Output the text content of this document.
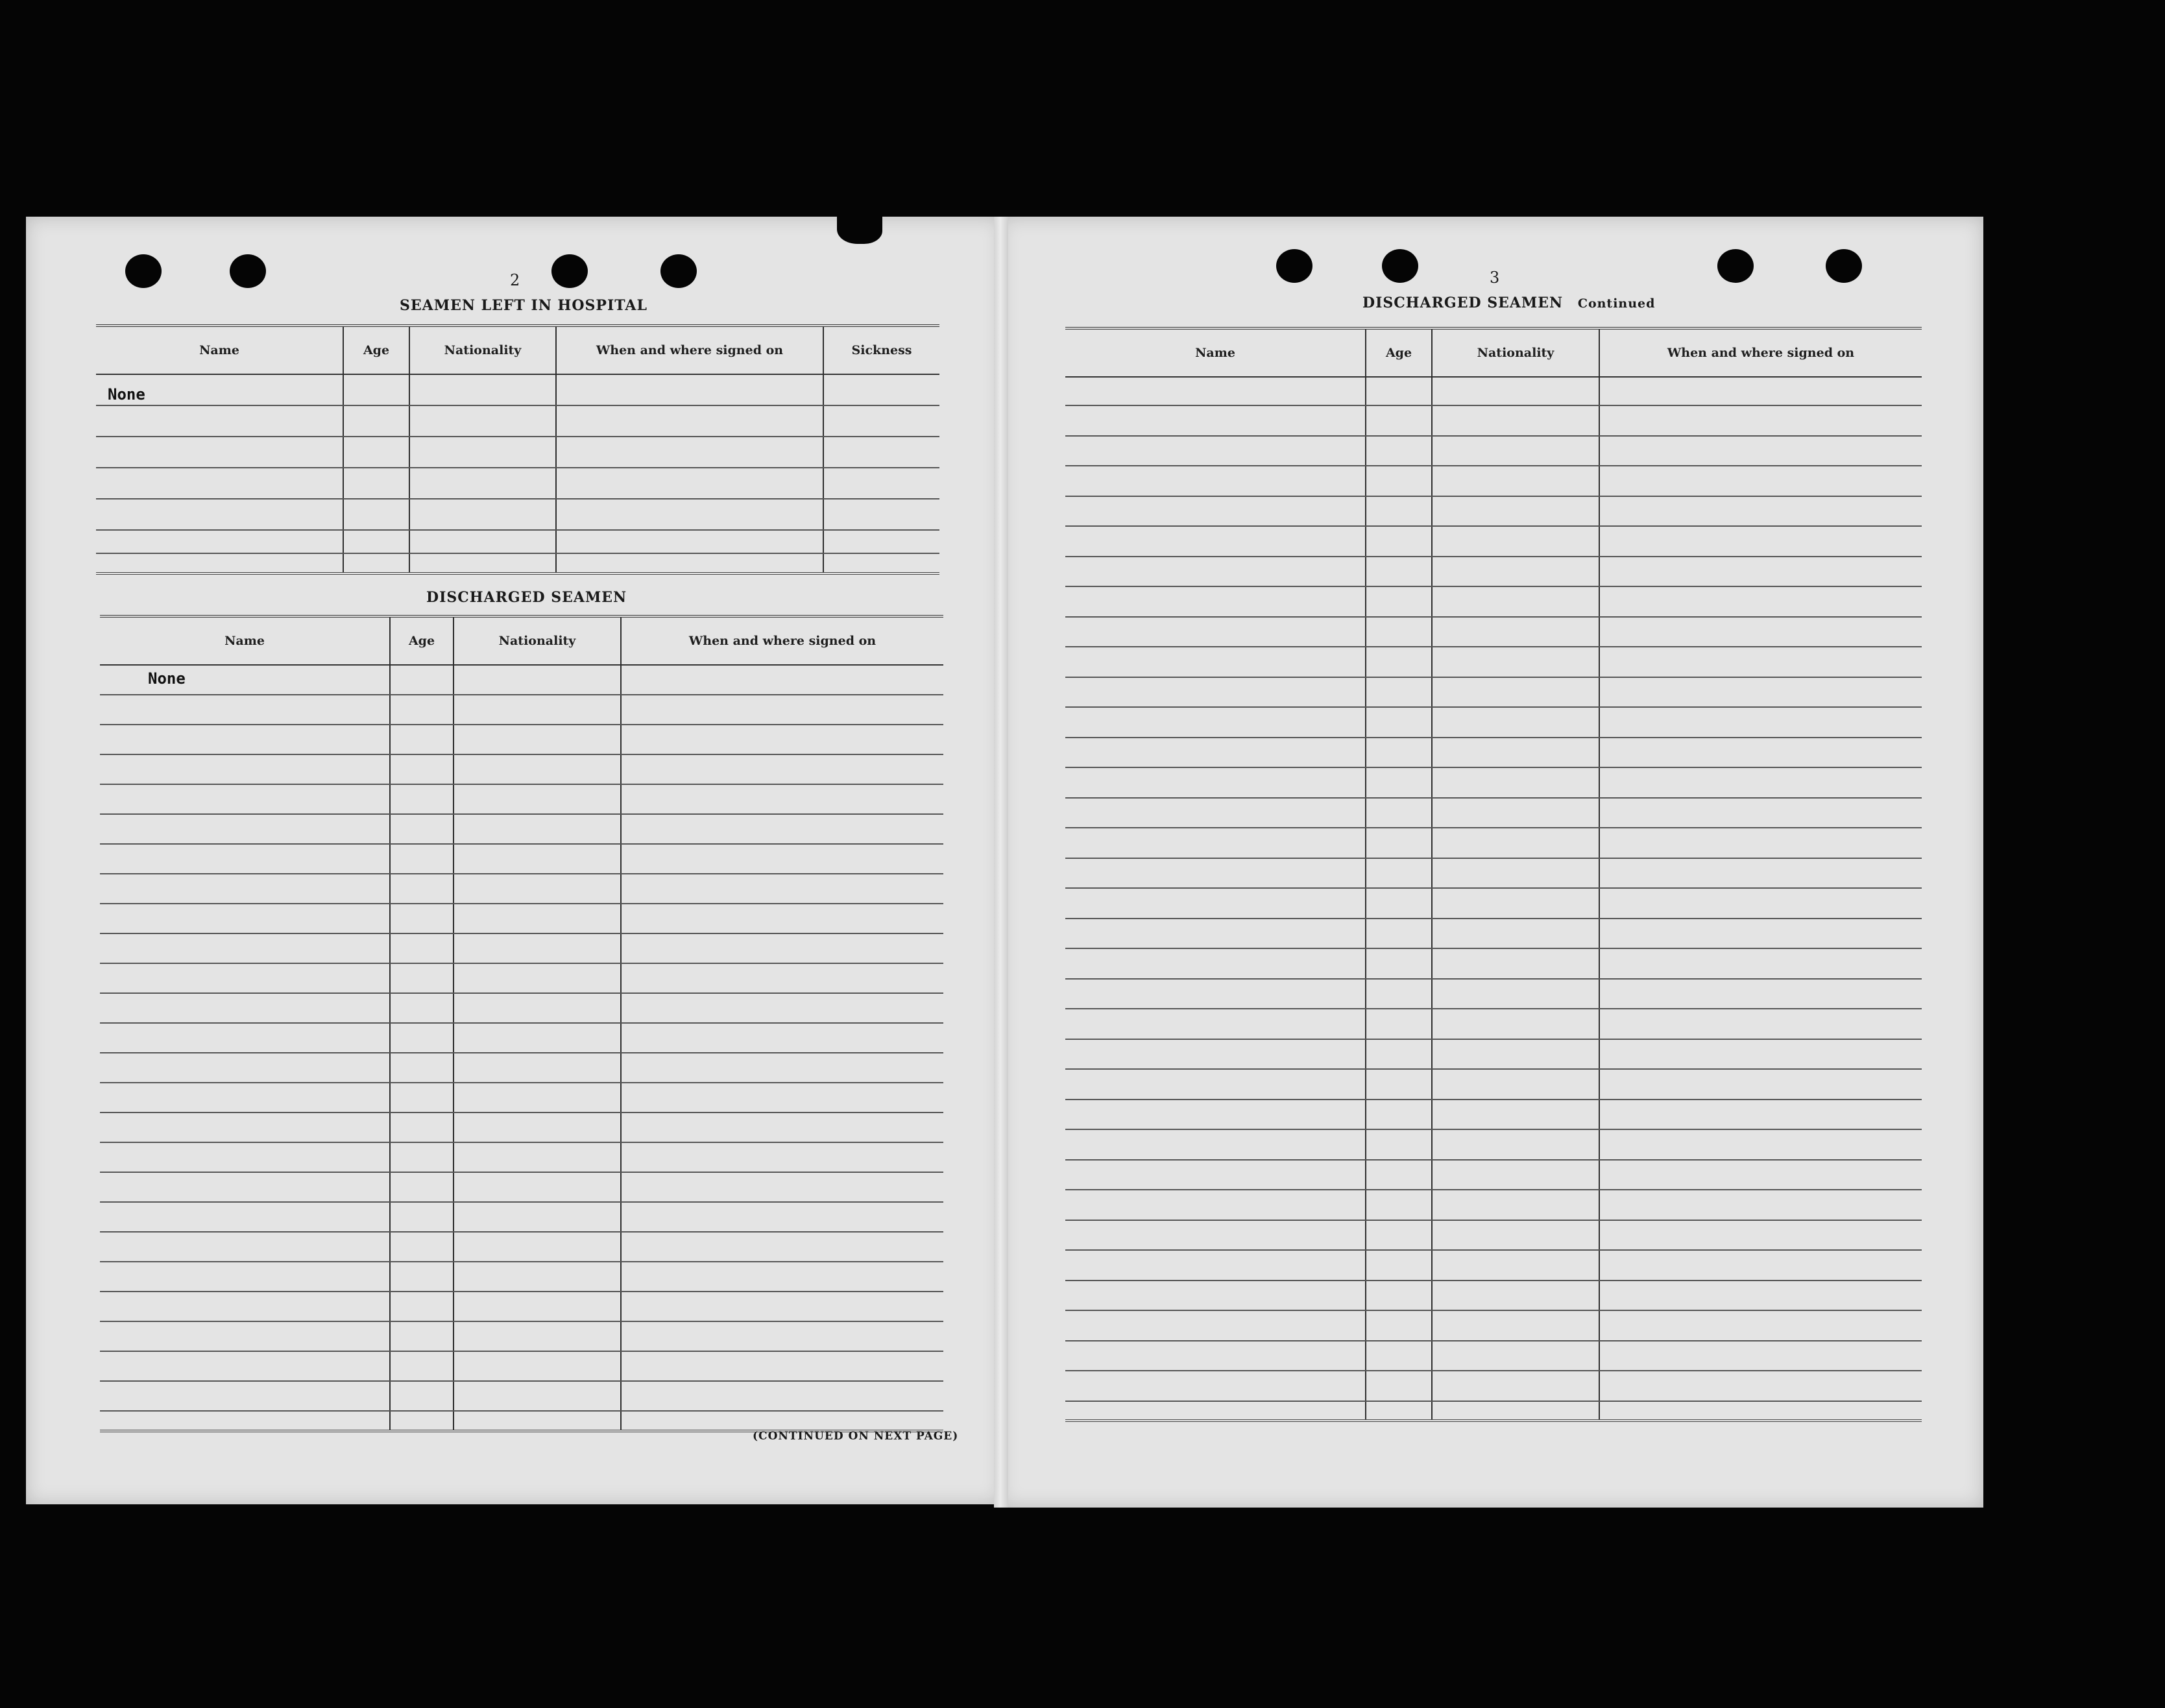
2
SEAMEN LEFT IN HOSPITAL
Name	Age	Nationality	When and where signed on	Sickness
None
DISCHARGED SEAMEN
Name	Age	Nationality	When and where signed on
None
(CONTINUED ON NEXT PAGE)
3
DISCHARGED SEAMEN Continued
Name	Age	Nationality	When and where signed on
